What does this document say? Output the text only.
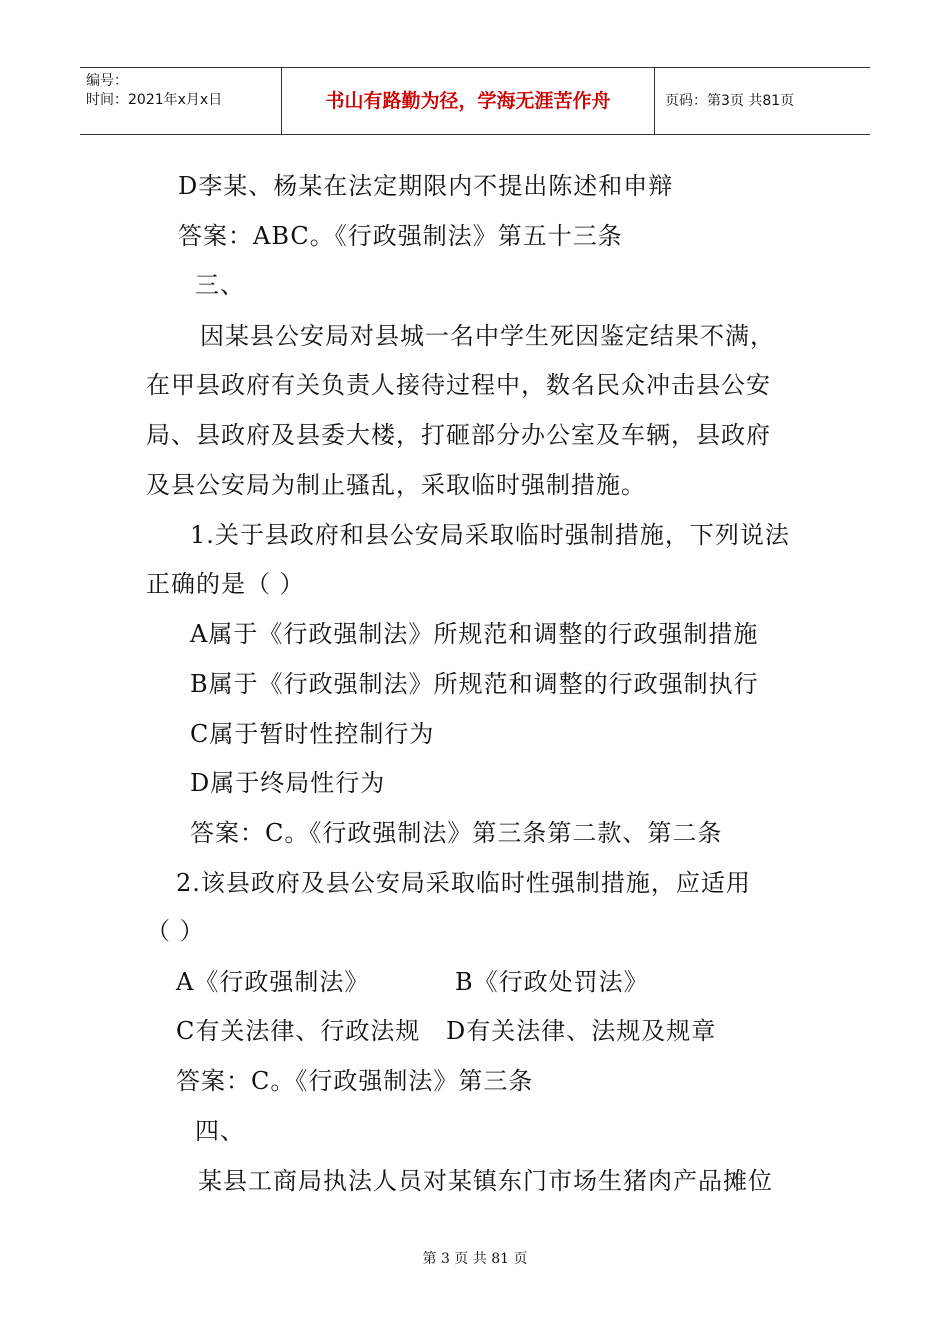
编号：
时间：2021年x月x日	书山有路勤为径，学海无涯苦作舟	页码：第3页 共81页
D李某、杨某在法定期限内不提出陈述和申辩
答案：ABC。《行政强制法》第五十三条
三、
因某县公安局对县城一名中学生死因鉴定结果不满，
在甲县政府有关负责人接待过程中，数名民众冲击县公安
局、县政府及县委大楼，打砸部分办公室及车辆，县政府
及县公安局为制止骚乱，采取临时强制措施。
1.关于县政府和县公安局采取临时强制措施，下列说法
正确的是（ ）
A属于《行政强制法》所规范和调整的行政强制措施
B属于《行政强制法》所规范和调整的行政强制执行
C属于暂时性控制行为
D属于终局性行为
答案：C。《行政强制法》第三条第二款、第二条
2.该县政府及县公安局采取临时性强制措施，应适用
（ ）
A《行政强制法》	B《行政处罚法》
C有关法律、行政法规 D有关法律、法规及规章
答案：C。《行政强制法》第三条
四、
某县工商局执法人员对某镇东门市场生猪肉产品摊位
第 3 页 共 81 页
